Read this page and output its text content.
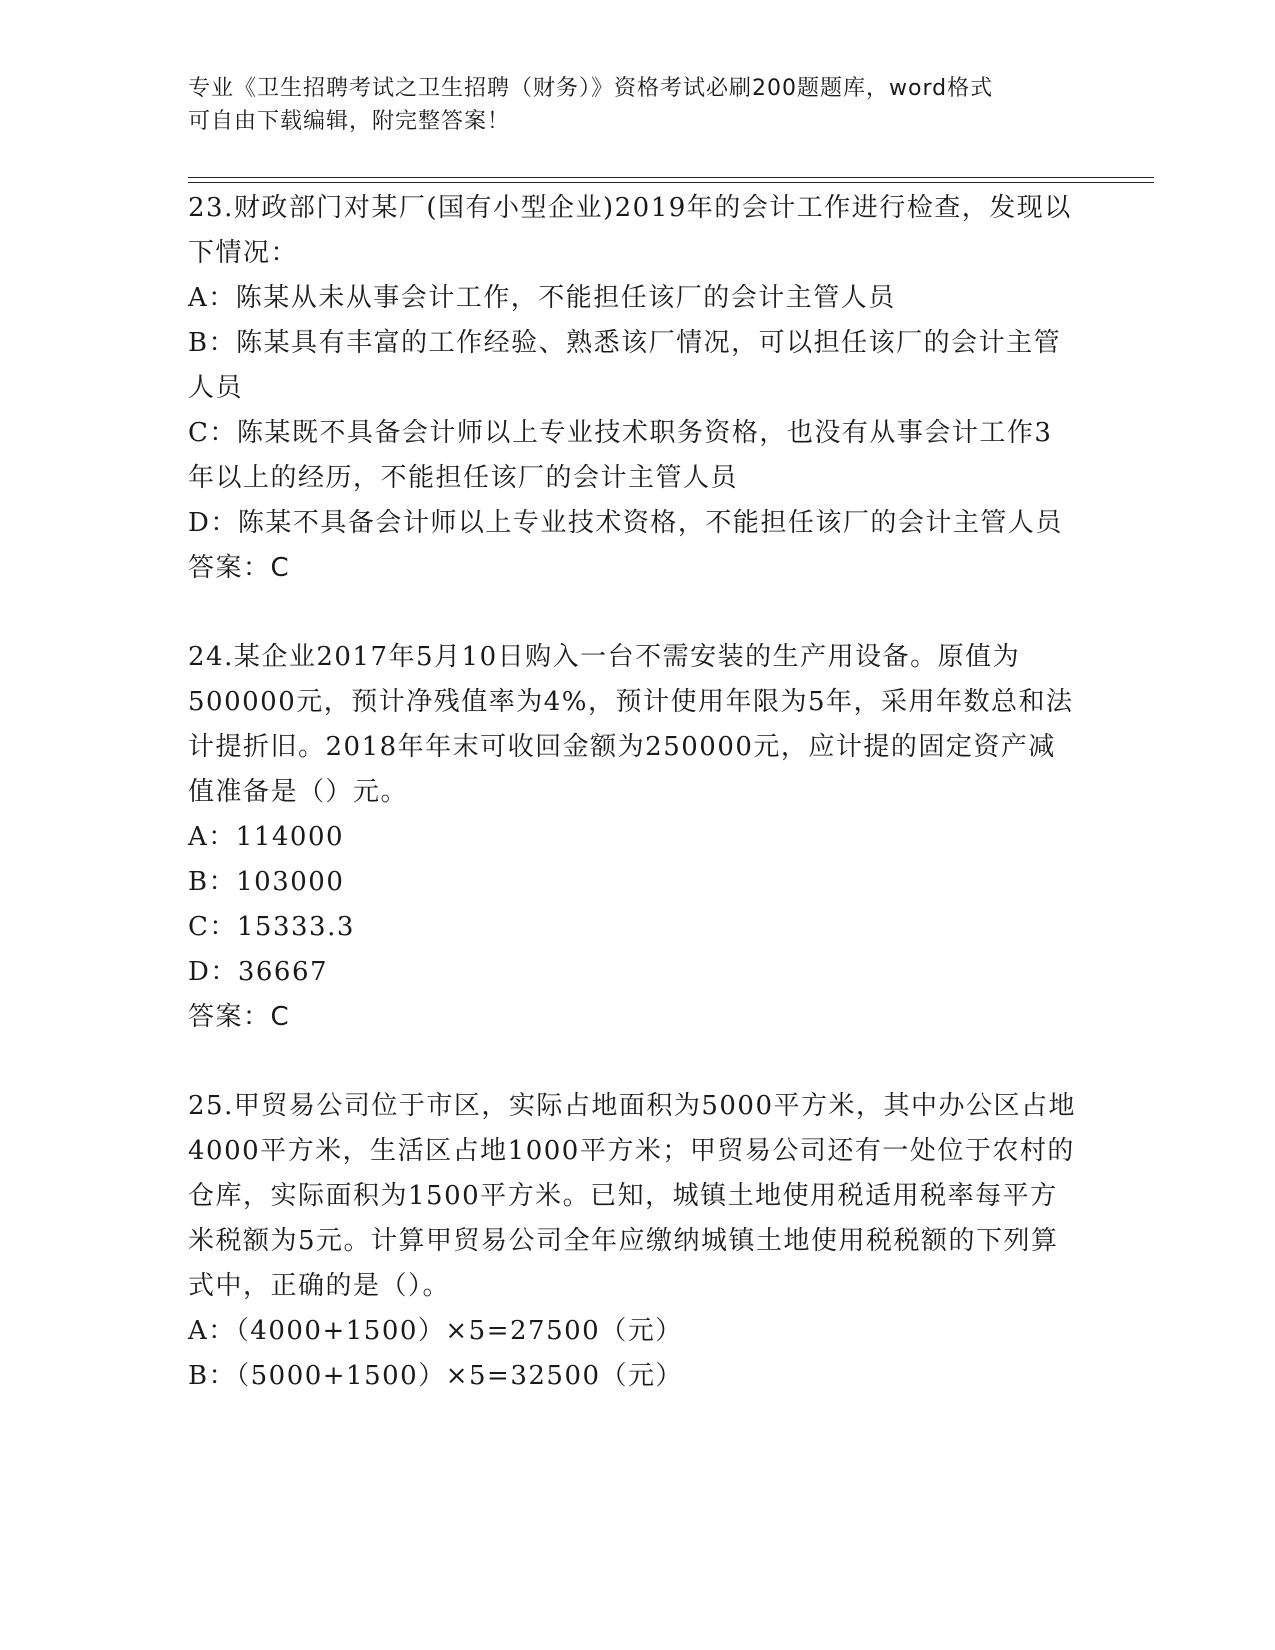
专业《卫生招聘考试之卫生招聘（财务）》资格考试必刷200题题库，word格式
可自由下载编辑，附完整答案！

23.财政部门对某厂(国有小型企业)2019年的会计工作进行检查，发现以下情况：

A：陈某从未从事会计工作，不能担任该厂的会计主管人员

B：陈某具有丰富的工作经验、熟悉该厂情况，可以担任该厂的会计主管人员

C：陈某既不具备会计师以上专业技术职务资格，也没有从事会计工作3年以上的经历，不能担任该厂的会计主管人员

D：陈某不具备会计师以上专业技术资格，不能担任该厂的会计主管人员

答案：C

24.某企业2017年5月10日购入一台不需安装的生产用设备。原值为500000元，预计净残值率为4%，预计使用年限为5年，采用年数总和法计提折旧。2018年年末可收回金额为250000元，应计提的固定资产减值准备是（）元。

A：114000

B：103000

C：15333.3

D：36667

答案：C

25.甲贸易公司位于市区，实际占地面积为5000平方米，其中办公区占地4000平方米，生活区占地1000平方米；甲贸易公司还有一处位于农村的仓库，实际面积为1500平方米。已知，城镇土地使用税适用税率每平方米税额为5元。计算甲贸易公司全年应缴纳城镇土地使用税税额的下列算式中，正确的是（）。

A：（4000+1500）×5=27500（元）

B：（5000+1500）×5=32500（元）
